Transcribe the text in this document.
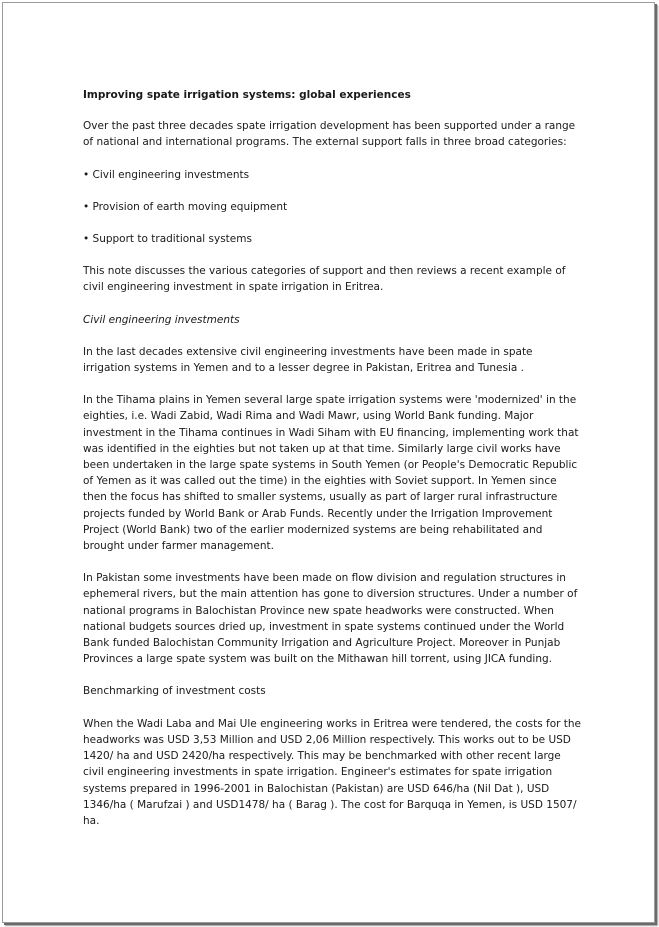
Improving spate irrigation systems: global experiences

Over the past three decades spate irrigation development has been supported under a range of national and international programs. The external support falls in three broad categories:

• Civil engineering investments

• Provision of earth moving equipment

• Support to traditional systems

This note discusses the various categories of support and then reviews a recent example of civil engineering investment in spate irrigation in Eritrea.

Civil engineering investments

In the last decades extensive civil engineering investments have been made in spate irrigation systems in Yemen and to a lesser degree in Pakistan, Eritrea and Tunesia .

In the Tihama plains in Yemen several large spate irrigation systems were 'modernized' in the eighties, i.e. Wadi Zabid, Wadi Rima and Wadi Mawr, using World Bank funding. Major investment in the Tihama continues in Wadi Siham with EU financing, implementing work that was identified in the eighties but not taken up at that time. Similarly large civil works have been undertaken in the large spate systems in South Yemen (or People's Democratic Republic of Yemen as it was called out the time) in the eighties with Soviet support. In Yemen since then the focus has shifted to smaller systems, usually as part of larger rural infrastructure projects funded by World Bank or Arab Funds. Recently under the Irrigation Improvement Project (World Bank) two of the earlier modernized systems are being rehabilitated and brought under farmer management.

In Pakistan some investments have been made on flow division and regulation structures in ephemeral rivers, but the main attention has gone to diversion structures. Under a number of national programs in Balochistan Province new spate headworks were constructed. When national budgets sources dried up, investment in spate systems continued under the World Bank funded Balochistan Community Irrigation and Agriculture Project. Moreover in Punjab Provinces a large spate system was built on the Mithawan hill torrent, using JICA funding.

Benchmarking of investment costs

When the Wadi Laba and Mai Ule engineering works in Eritrea were tendered, the costs for the headworks was USD 3,53 Million and USD 2,06 Million respectively. This works out to be USD 1420/ ha and USD 2420/ha respectively. This may be benchmarked with other recent large civil engineering investments in spate irrigation. Engineer's estimates for spate irrigation systems prepared in 1996-2001 in Balochistan (Pakistan) are USD 646/ha (Nil Dat ), USD 1346/ha ( Marufzai ) and USD1478/ ha ( Barag ). The cost for Barquqa in Yemen, is USD 1507/ ha.
